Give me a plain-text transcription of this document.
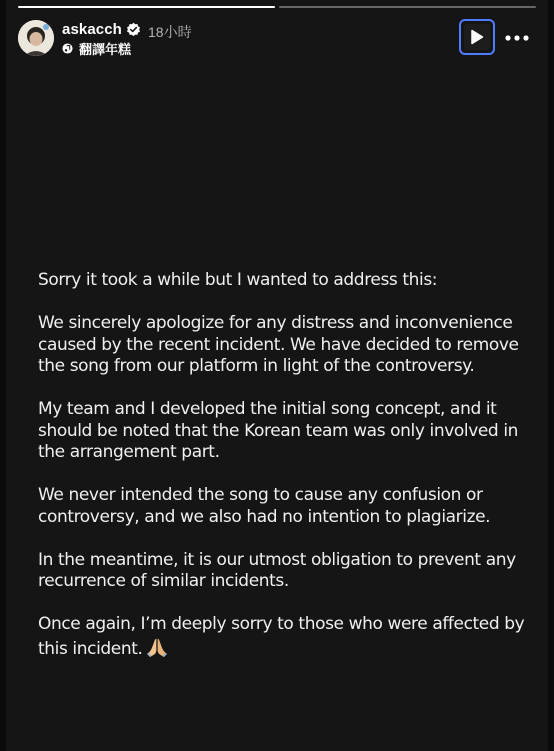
askacch 18小時
翻譯年糕

Sorry it took a while but I wanted to address this:

We sincerely apologize for any distress and inconvenience caused by the recent incident. We have decided to remove the song from our platform in light of the controversy.

My team and I developed the initial song concept, and it should be noted that the Korean team was only involved in the arrangement part.

We never intended the song to cause any confusion or controversy, and we also had no intention to plagiarize.

In the meantime, it is our utmost obligation to prevent any recurrence of similar incidents.

Once again, I’m deeply sorry to those who were affected by this incident.
